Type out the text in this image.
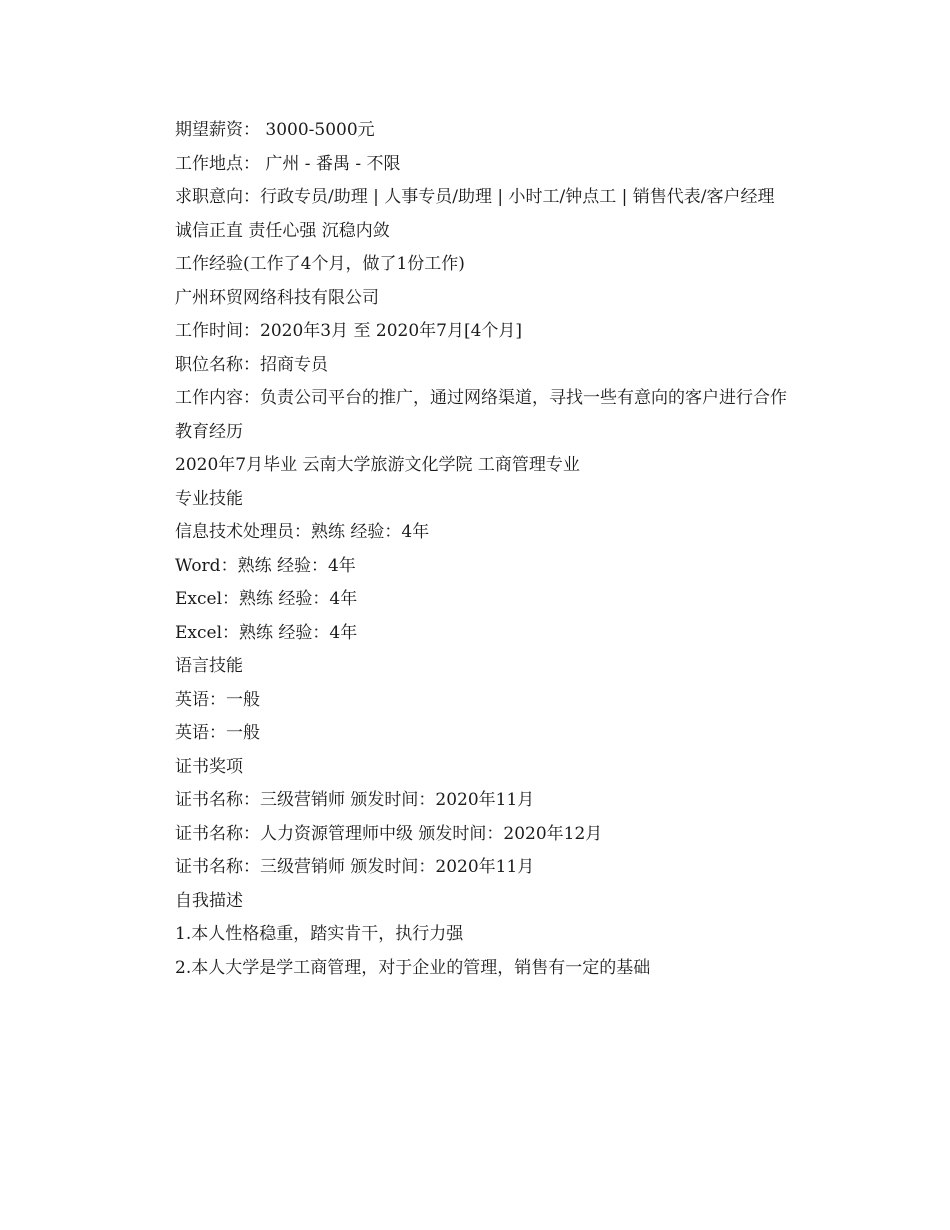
期望薪资： 3000-5000元

工作地点： 广州 - 番禺 - 不限

求职意向：行政专员/助理 | 人事专员/助理 | 小时工/钟点工 | 销售代表/客户经理

诚信正直 责任心强 沉稳内敛

工作经验(工作了4个月，做了1份工作)

广州环贸网络科技有限公司

工作时间：2020年3月 至 2020年7月[4个月]

职位名称：招商专员

工作内容：负责公司平台的推广，通过网络渠道，寻找一些有意向的客户进行合作

教育经历

2020年7月毕业 云南大学旅游文化学院 工商管理专业

专业技能

信息技术处理员：熟练 经验：4年

Word：熟练 经验：4年

Excel：熟练 经验：4年

Excel：熟练 经验：4年

语言技能

英语：一般

英语：一般

证书奖项

证书名称：三级营销师 颁发时间：2020年11月

证书名称：人力资源管理师中级 颁发时间：2020年12月

证书名称：三级营销师 颁发时间：2020年11月

自我描述

1.本人性格稳重，踏实肯干，执行力强

2.本人大学是学工商管理，对于企业的管理，销售有一定的基础
